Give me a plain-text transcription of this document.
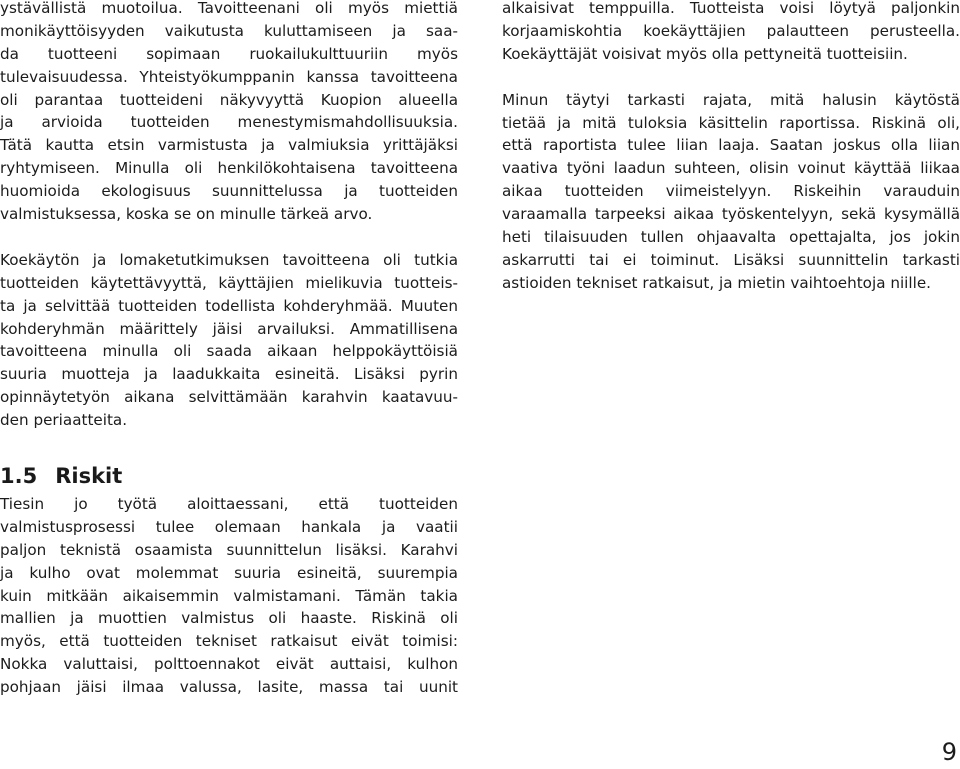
ystävällistä muotoilua. Tavoitteenani oli myös miettiä
monikäyttöisyyden vaikutusta kuluttamiseen ja saa-
da tuotteeni sopimaan ruokailukulttuuriin myös
tulevaisuudessa. Yhteistyökumppanin kanssa tavoitteena
oli parantaa tuotteideni näkyvyyttä Kuopion alueella
ja arvioida tuotteiden menestymismahdollisuuksia.
Tätä kautta etsin varmistusta ja valmiuksia yrittäjäksi
ryhtymiseen. Minulla oli henkilökohtaisena tavoitteena
huomioida ekologisuus suunnittelussa ja tuotteiden
valmistuksessa, koska se on minulle tärkeä arvo.
Koekäytön ja lomaketutkimuksen tavoitteena oli tutkia
tuotteiden käytettävyyttä, käyttäjien mielikuvia tuotteis-
ta ja selvittää tuotteiden todellista kohderyhmää. Muuten
kohderyhmän määrittely jäisi arvailuksi. Ammatillisena
tavoitteena minulla oli saada aikaan helppokäyttöisiä
suuria muotteja ja laadukkaita esineitä. Lisäksi pyrin
opinnäytetyön aikana selvittämään karahvin kaatavuu-
den periaatteita.
1.5 Riskit
Tiesin jo työtä aloittaessani, että tuotteiden
valmistusprosessi tulee olemaan hankala ja vaatii
paljon teknistä osaamista suunnittelun lisäksi. Karahvi
ja kulho ovat molemmat suuria esineitä, suurempia
kuin mitkään aikaisemmin valmistamani. Tämän takia
mallien ja muottien valmistus oli haaste. Riskinä oli
myös, että tuotteiden tekniset ratkaisut eivät toimisi:
Nokka valuttaisi, polttoennakot eivät auttaisi, kulhon
pohjaan jäisi ilmaa valussa, lasite, massa tai uunit
alkaisivat temppuilla. Tuotteista voisi löytyä paljonkin
korjaamiskohtia koekäyttäjien palautteen perusteella.
Koekäyttäjät voisivat myös olla pettyneitä tuotteisiin.
Minun täytyi tarkasti rajata, mitä halusin käytöstä
tietää ja mitä tuloksia käsittelin raportissa. Riskinä oli,
että raportista tulee liian laaja. Saatan joskus olla liian
vaativa työni laadun suhteen, olisin voinut käyttää liikaa
aikaa tuotteiden viimeistelyyn. Riskeihin varauduin
varaamalla tarpeeksi aikaa työskentelyyn, sekä kysymällä
heti tilaisuuden tullen ohjaavalta opettajalta, jos jokin
askarrutti tai ei toiminut. Lisäksi suunnittelin tarkasti
astioiden tekniset ratkaisut, ja mietin vaihtoehtoja niille.
9
